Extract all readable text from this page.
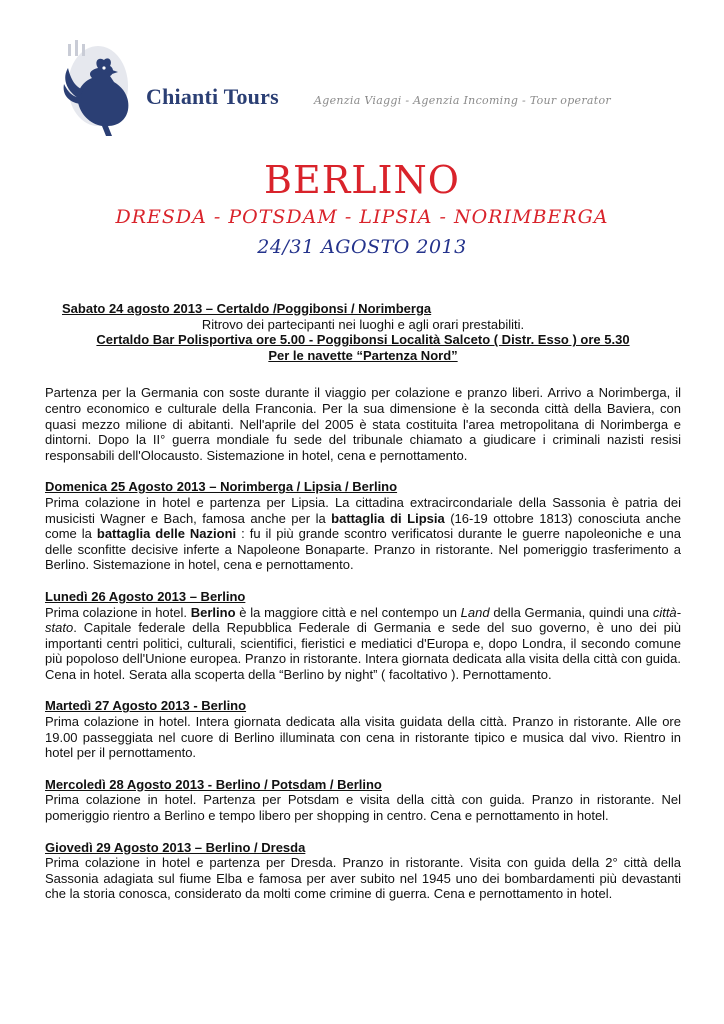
Chianti Tours	Agenzia Viaggi - Agenzia Incoming - Tour operator
BERLINO
DRESDA - POTSDAM - LIPSIA - NORIMBERGA
24/31 AGOSTO 2013

Sabato 24 agosto 2013 – Certaldo /Poggibonsi / Norimberga

Ritrovo dei partecipanti nei luoghi e agli orari prestabiliti.

Certaldo Bar Polisportiva ore 5.00 - Poggibonsi Località Salceto ( Distr. Esso ) ore 5.30

Per le navette “Partenza Nord”

Partenza per la Germania con soste durante il viaggio per colazione e pranzo liberi. Arrivo a Norimberga, il centro economico e culturale della Franconia. Per la sua dimensione è la seconda città della Baviera, con quasi mezzo milione di abitanti. Nell'aprile del 2005 è stata costituita l'area metropolitana di Norimberga e dintorni. Dopo la II° guerra mondiale fu sede del tribunale chiamato a giudicare i criminali nazisti resisi responsabili dell'Olocausto. Sistemazione in hotel, cena e pernottamento.

Domenica 25 Agosto 2013 – Norimberga / Lipsia / Berlino

Prima colazione in hotel e partenza per Lipsia. La cittadina extracircondariale della Sassonia è patria dei musicisti Wagner e Bach, famosa anche per la battaglia di Lipsia (16-19 ottobre 1813) conosciuta anche come la battaglia delle Nazioni : fu il più grande scontro verificatosi durante le guerre napoleoniche e una delle sconfitte decisive inferte a Napoleone Bonaparte. Pranzo in ristorante. Nel pomeriggio trasferimento a Berlino. Sistemazione in hotel, cena e pernottamento.

Lunedì 26 Agosto 2013 – Berlino

Prima colazione in hotel. Berlino è la maggiore città e nel contempo un Land della Germania, quindi una città-stato. Capitale federale della Repubblica Federale di Germania e sede del suo governo, è uno dei più importanti centri politici, culturali, scientifici, fieristici e mediatici d'Europa e, dopo Londra, il secondo comune più popoloso dell'Unione europea. Pranzo in ristorante. Intera giornata dedicata alla visita della città con guida. Cena in hotel. Serata alla scoperta della “Berlino by night” ( facoltativo ). Pernottamento.

Martedì 27 Agosto 2013 - Berlino

Prima colazione in hotel. Intera giornata dedicata alla visita guidata della città. Pranzo in ristorante. Alle ore 19.00 passeggiata nel cuore di Berlino illuminata con cena in ristorante tipico e musica dal vivo. Rientro in hotel per il pernottamento.

Mercoledì 28 Agosto 2013 - Berlino / Potsdam / Berlino

Prima colazione in hotel. Partenza per Potsdam e visita della città con guida. Pranzo in ristorante. Nel pomeriggio rientro a Berlino e tempo libero per shopping in centro. Cena e pernottamento in hotel.

Giovedì 29 Agosto 2013 – Berlino / Dresda

Prima colazione in hotel e partenza per Dresda. Pranzo in ristorante. Visita con guida della 2° città della Sassonia adagiata sul fiume Elba e famosa per aver subito nel 1945 uno dei bombardamenti più devastanti che la storia conosca, considerato da molti come crimine di guerra. Cena e pernottamento in hotel.
